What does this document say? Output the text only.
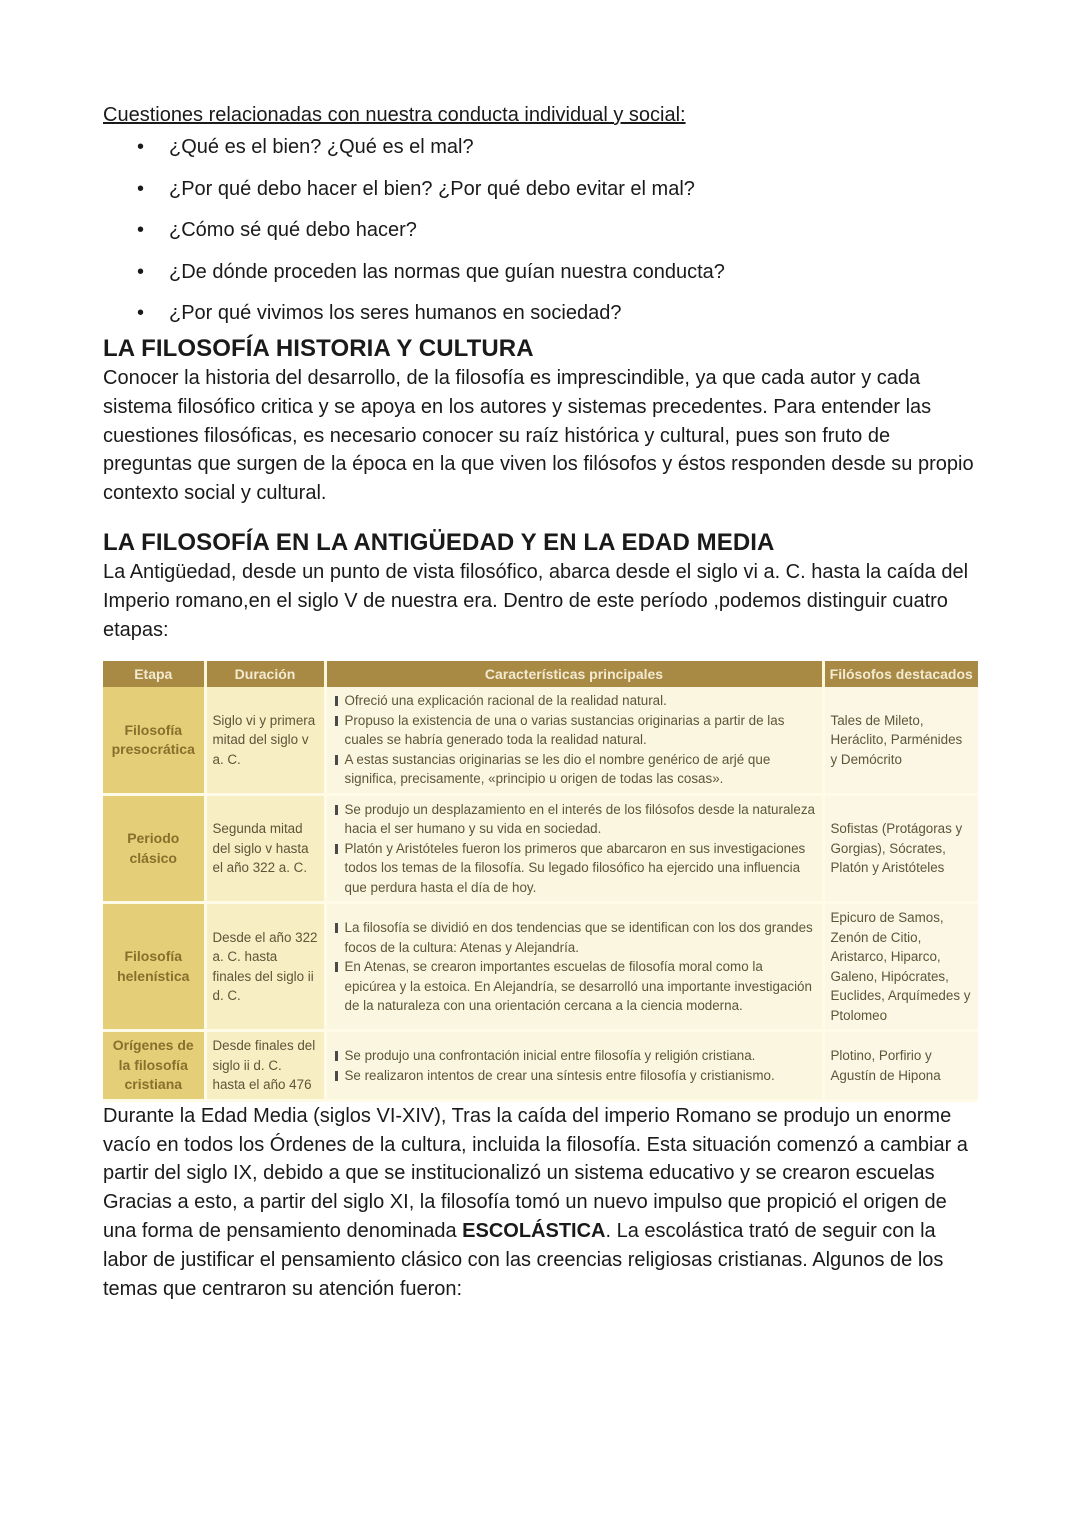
Cuestiones relacionadas con nuestra conducta individual y social:
• ¿Qué es el bien? ¿Qué es el mal?
• ¿Por qué debo hacer el bien? ¿Por qué debo evitar el mal?
• ¿Cómo sé qué debo hacer?
• ¿De dónde proceden las normas que guían nuestra conducta?
• ¿Por qué vivimos los seres humanos en sociedad?
LA FILOSOFÍA HISTORIA Y CULTURA

Conocer la historia del desarrollo, de la filosofía es imprescindible, ya que cada autor y cada sistema filosófico critica y se apoya en los autores y sistemas precedentes. Para entender las cuestiones filosóficas, es necesario conocer su raíz histórica y cultural, pues son fruto de preguntas que surgen de la época en la que viven los filósofos y éstos responden desde su propio contexto social y cultural.

LA FILOSOFÍA EN LA ANTIGÜEDAD Y EN LA EDAD MEDIA

La Antigüedad, desde un punto de vista filosófico, abarca desde el siglo vi a. C. hasta la caída del Imperio romano,en el siglo V de nuestra era. Dentro de este período ,podemos distinguir cuatro etapas:

Etapa	Duración	Características principales	Filósofos destacados
Filosofía presocrática	Siglo vi y primera mitad del siglo v a. C.	Ofreció una explicación racional de la realidad natural.
Propuso la existencia de una o varias sustancias originarias a partir de las cuales se habría generado toda la realidad natural.
A estas sustancias originarias se les dio el nombre genérico de arjé que significa, precisamente, «principio u origen de todas las cosas».	Tales de Mileto, Heráclito, Parménides y Demócrito
Periodo clásico	Segunda mitad del siglo v hasta el año 322 a. C.	Se produjo un desplazamiento en el interés de los filósofos desde la naturaleza hacia el ser humano y su vida en sociedad.
Platón y Aristóteles fueron los primeros que abarcaron en sus investigaciones todos los temas de la filosofía. Su legado filosófico ha ejercido una influencia que perdura hasta el día de hoy.	Sofistas (Protágoras y Gorgias), Sócrates, Platón y Aristóteles
Filosofía helenística	Desde el año 322 a. C. hasta finales del siglo ii d. C.	La filosofía se dividió en dos tendencias que se identifican con los dos grandes focos de la cultura: Atenas y Alejandría.
En Atenas, se crearon importantes escuelas de filosofía moral como la epicúrea y la estoica. En Alejandría, se desarrolló una importante investigación de la naturaleza con una orientación cercana a la ciencia moderna.	Epicuro de Samos, Zenón de Citio, Aristarco, Hiparco, Galeno, Hipócrates, Euclides, Arquímedes y Ptolomeo
Orígenes de la filosofía cristiana	Desde finales del siglo ii d. C. hasta el año 476	Se produjo una confrontación inicial entre filosofía y religión cristiana.
Se realizaron intentos de crear una síntesis entre filosofía y cristianismo.	Plotino, Porfirio y Agustín de Hipona

Durante la Edad Media (siglos VI-XIV), Tras la caída del imperio Romano se produjo un enorme vacío en todos los Órdenes de la cultura, incluida la filosofía. Esta situación comenzó a cambiar a partir del siglo IX, debido a que se institucionalizó un sistema educativo y se crearon escuelas Gracias a esto, a partir del siglo XI, la filosofía tomó un nuevo impulso que propició el origen de una forma de pensamiento denominada ESCOLÁSTICA. La escolástica trató de seguir con la labor de justificar el pensamiento clásico con las creencias religiosas cristianas. Algunos de los temas que centraron su atención fueron:
